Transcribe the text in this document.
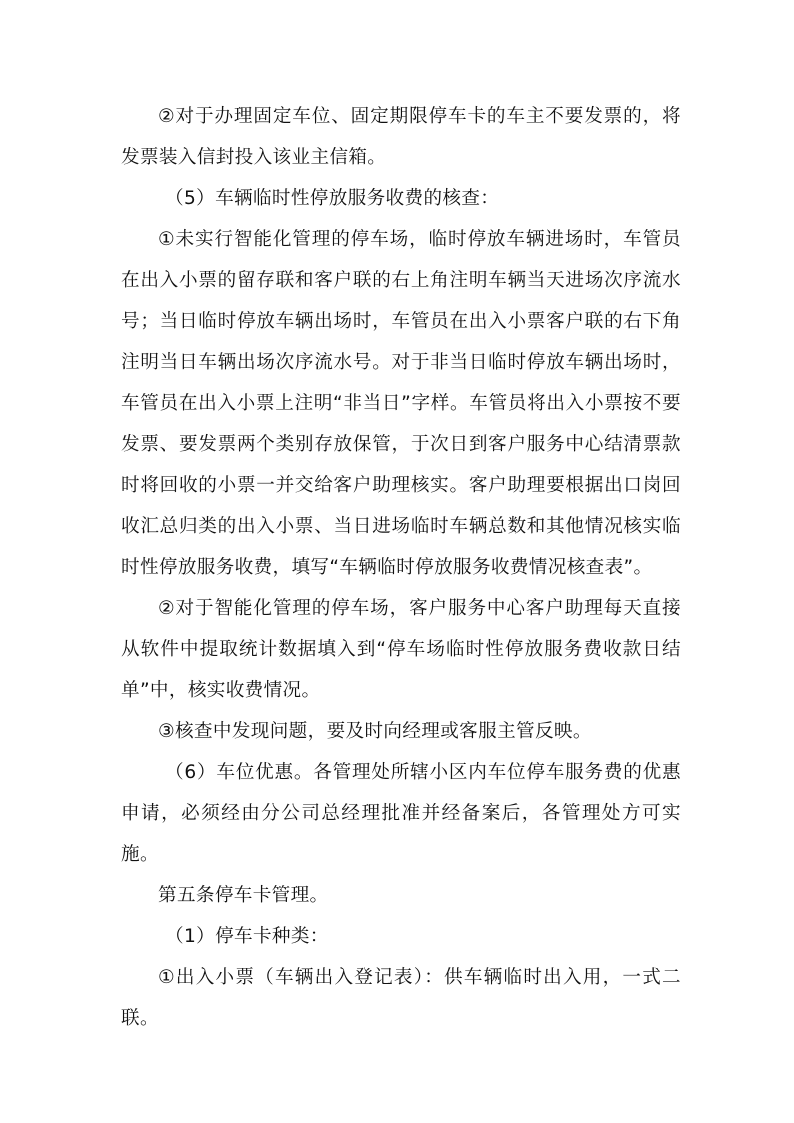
②对于办理固定车位、固定期限停车卡的车主不要发票的，将发票装入信封投入该业主信箱。

（5）车辆临时性停放服务收费的核查：

①未实行智能化管理的停车场，临时停放车辆进场时，车管员在出入小票的留存联和客户联的右上角注明车辆当天进场次序流水号；当日临时停放车辆出场时，车管员在出入小票客户联的右下角注明当日车辆出场次序流水号。对于非当日临时停放车辆出场时，车管员在出入小票上注明“非当日”字样。车管员将出入小票按不要发票、要发票两个类别存放保管，于次日到客户服务中心结清票款时将回收的小票一并交给客户助理核实。客户助理要根据出口岗回收汇总归类的出入小票、当日进场临时车辆总数和其他情况核实临时性停放服务收费，填写“车辆临时停放服务收费情况核查表”。

②对于智能化管理的停车场，客户服务中心客户助理每天直接从软件中提取统计数据填入到“停车场临时性停放服务费收款日结单”中，核实收费情况。

③核查中发现问题，要及时向经理或客服主管反映。

（6）车位优惠。各管理处所辖小区内车位停车服务费的优惠申请，必须经由分公司总经理批准并经备案后，各管理处方可实施。

第五条停车卡管理。

（1）停车卡种类：

①出入小票（车辆出入登记表）：供车辆临时出入用，一式二联。
